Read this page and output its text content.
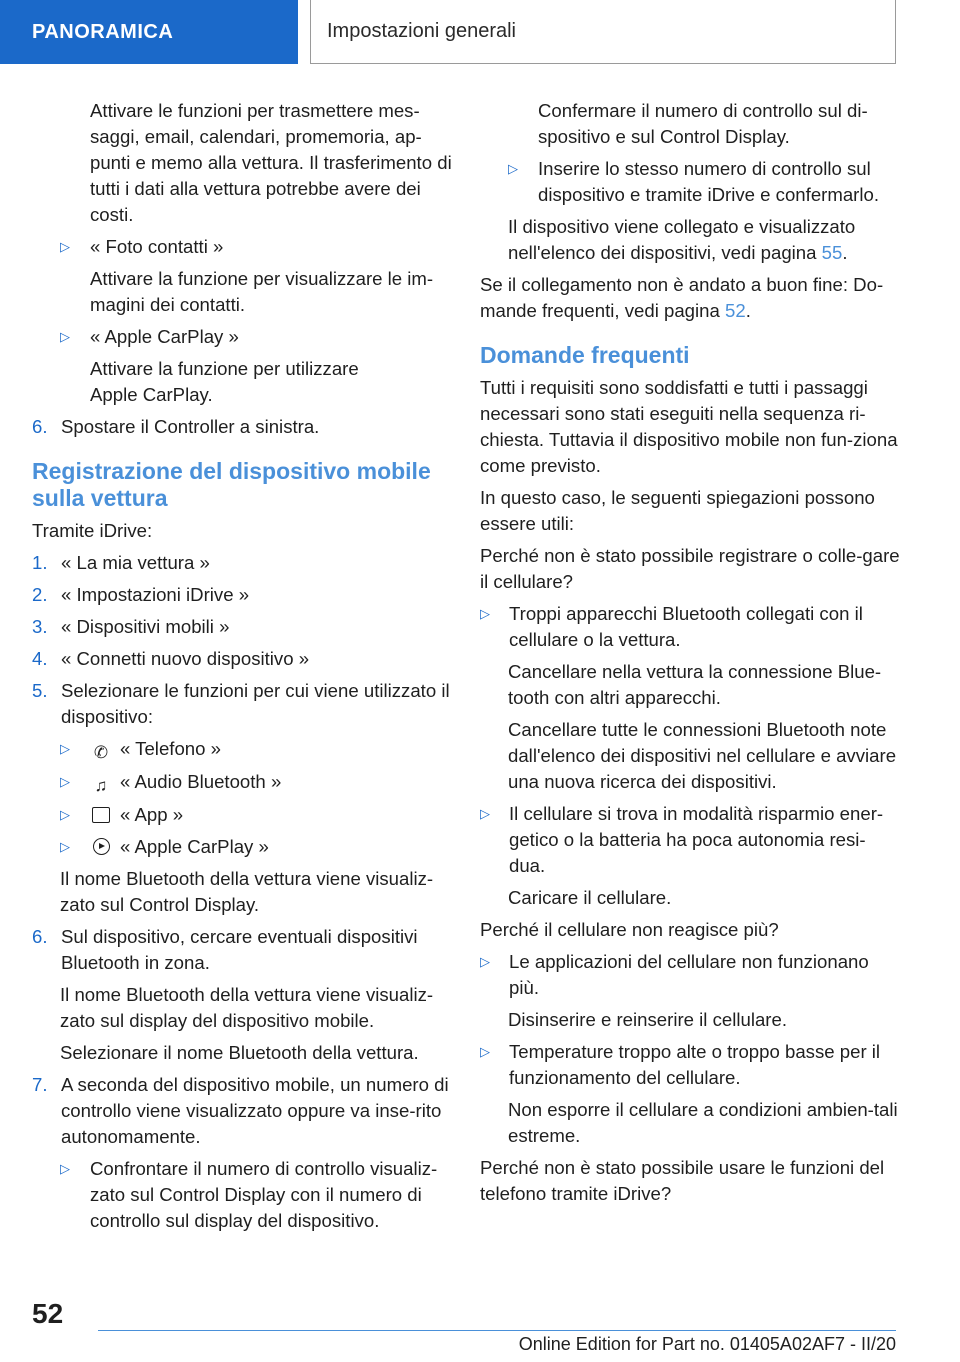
PANORAMICA	Impostazioni generali
Attivare le funzioni per trasmettere mes-saggi, email, calendari, promemoria, ap-punti e memo alla vettura. Il trasferimento di tutti i dati alla vettura potrebbe avere dei costi.
▷	« Foto contatti »
Attivare la funzione per visualizzare le im-magini dei contatti.
▷	« Apple CarPlay »
Attivare la funzione per utilizzare
Apple CarPlay.
6. Spostare il Controller a sinistra.
Registrazione del dispositivo mobile sulla vettura
Tramite iDrive:
1. « La mia vettura »
2. « Impostazioni iDrive »
3. « Dispositivi mobili »
4. « Connetti nuovo dispositivo »
5. Selezionare le funzioni per cui viene utilizzato il dispositivo:
▷	✆ « Telefono »
▷	♫ « Audio Bluetooth »
▷	« App »
▷	« Apple CarPlay »
Il nome Bluetooth della vettura viene visualiz-zato sul Control Display.
6. Sul dispositivo, cercare eventuali dispositivi Bluetooth in zona.
Il nome Bluetooth della vettura viene visualiz-zato sul display del dispositivo mobile.
Selezionare il nome Bluetooth della vettura.
7. A seconda del dispositivo mobile, un numero di controllo viene visualizzato oppure va inse-rito autonomamente.
▷	Confrontare il numero di controllo visualiz-zato sul Control Display con il numero di controllo sul display del dispositivo.
Confermare il numero di controllo sul di-spositivo e sul Control Display.
▷	Inserire lo stesso numero di controllo sul dispositivo e tramite iDrive e confermarlo.
Il dispositivo viene collegato e visualizzato nell'elenco dei dispositivi, vedi pagina 55.
Se il collegamento non è andato a buon fine: Do-mande frequenti, vedi pagina 52.
Domande frequenti
Tutti i requisiti sono soddisfatti e tutti i passaggi necessari sono stati eseguiti nella sequenza ri-chiesta. Tuttavia il dispositivo mobile non fun-ziona come previsto.
In questo caso, le seguenti spiegazioni possono essere utili:
Perché non è stato possibile registrare o colle-gare il cellulare?
▷	Troppi apparecchi Bluetooth collegati con il cellulare o la vettura.
Cancellare nella vettura la connessione Blue-tooth con altri apparecchi.
Cancellare tutte le connessioni Bluetooth note dall'elenco dei dispositivi nel cellulare e avviare una nuova ricerca dei dispositivi.
▷	Il cellulare si trova in modalità risparmio ener-getico o la batteria ha poca autonomia resi-dua.
Caricare il cellulare.
Perché il cellulare non reagisce più?
▷	Le applicazioni del cellulare non funzionano più.
Disinserire e reinserire il cellulare.
▷	Temperature troppo alte o troppo basse per il funzionamento del cellulare.
Non esporre il cellulare a condizioni ambien-tali estreme.
Perché non è stato possibile usare le funzioni del telefono tramite iDrive?
52
Online Edition for Part no. 01405A02AF7 - II/20
